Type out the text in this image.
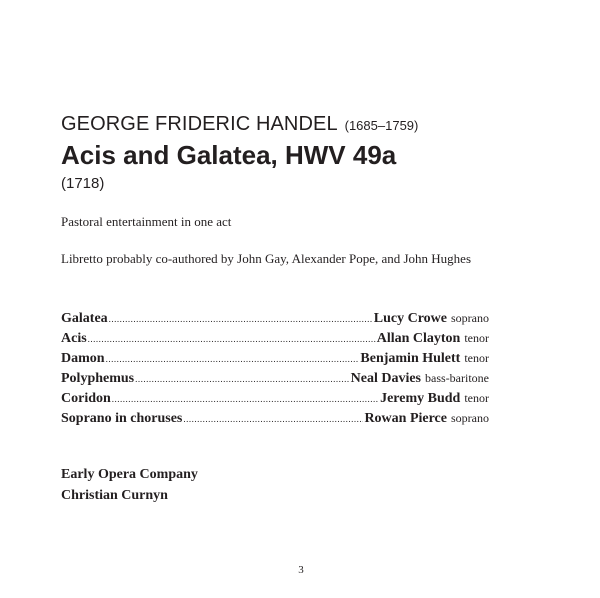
GEORGE FRIDERIC HANDEL (1685–1759)
Acis and Galatea, HWV 49a
(1718)
Pastoral entertainment in one act
Libretto probably co-authored by John Gay, Alexander Pope, and John Hughes
Galatea .....	Lucy Crowe soprano
Acis .....	Allan Clayton tenor
Damon .....	Benjamin Hulett tenor
Polyphemus .....	Neal Davies bass-baritone
Coridon .....	Jeremy Budd tenor
Soprano in choruses .....	Rowan Pierce soprano
Early Opera Company
Christian Curnyn
3
